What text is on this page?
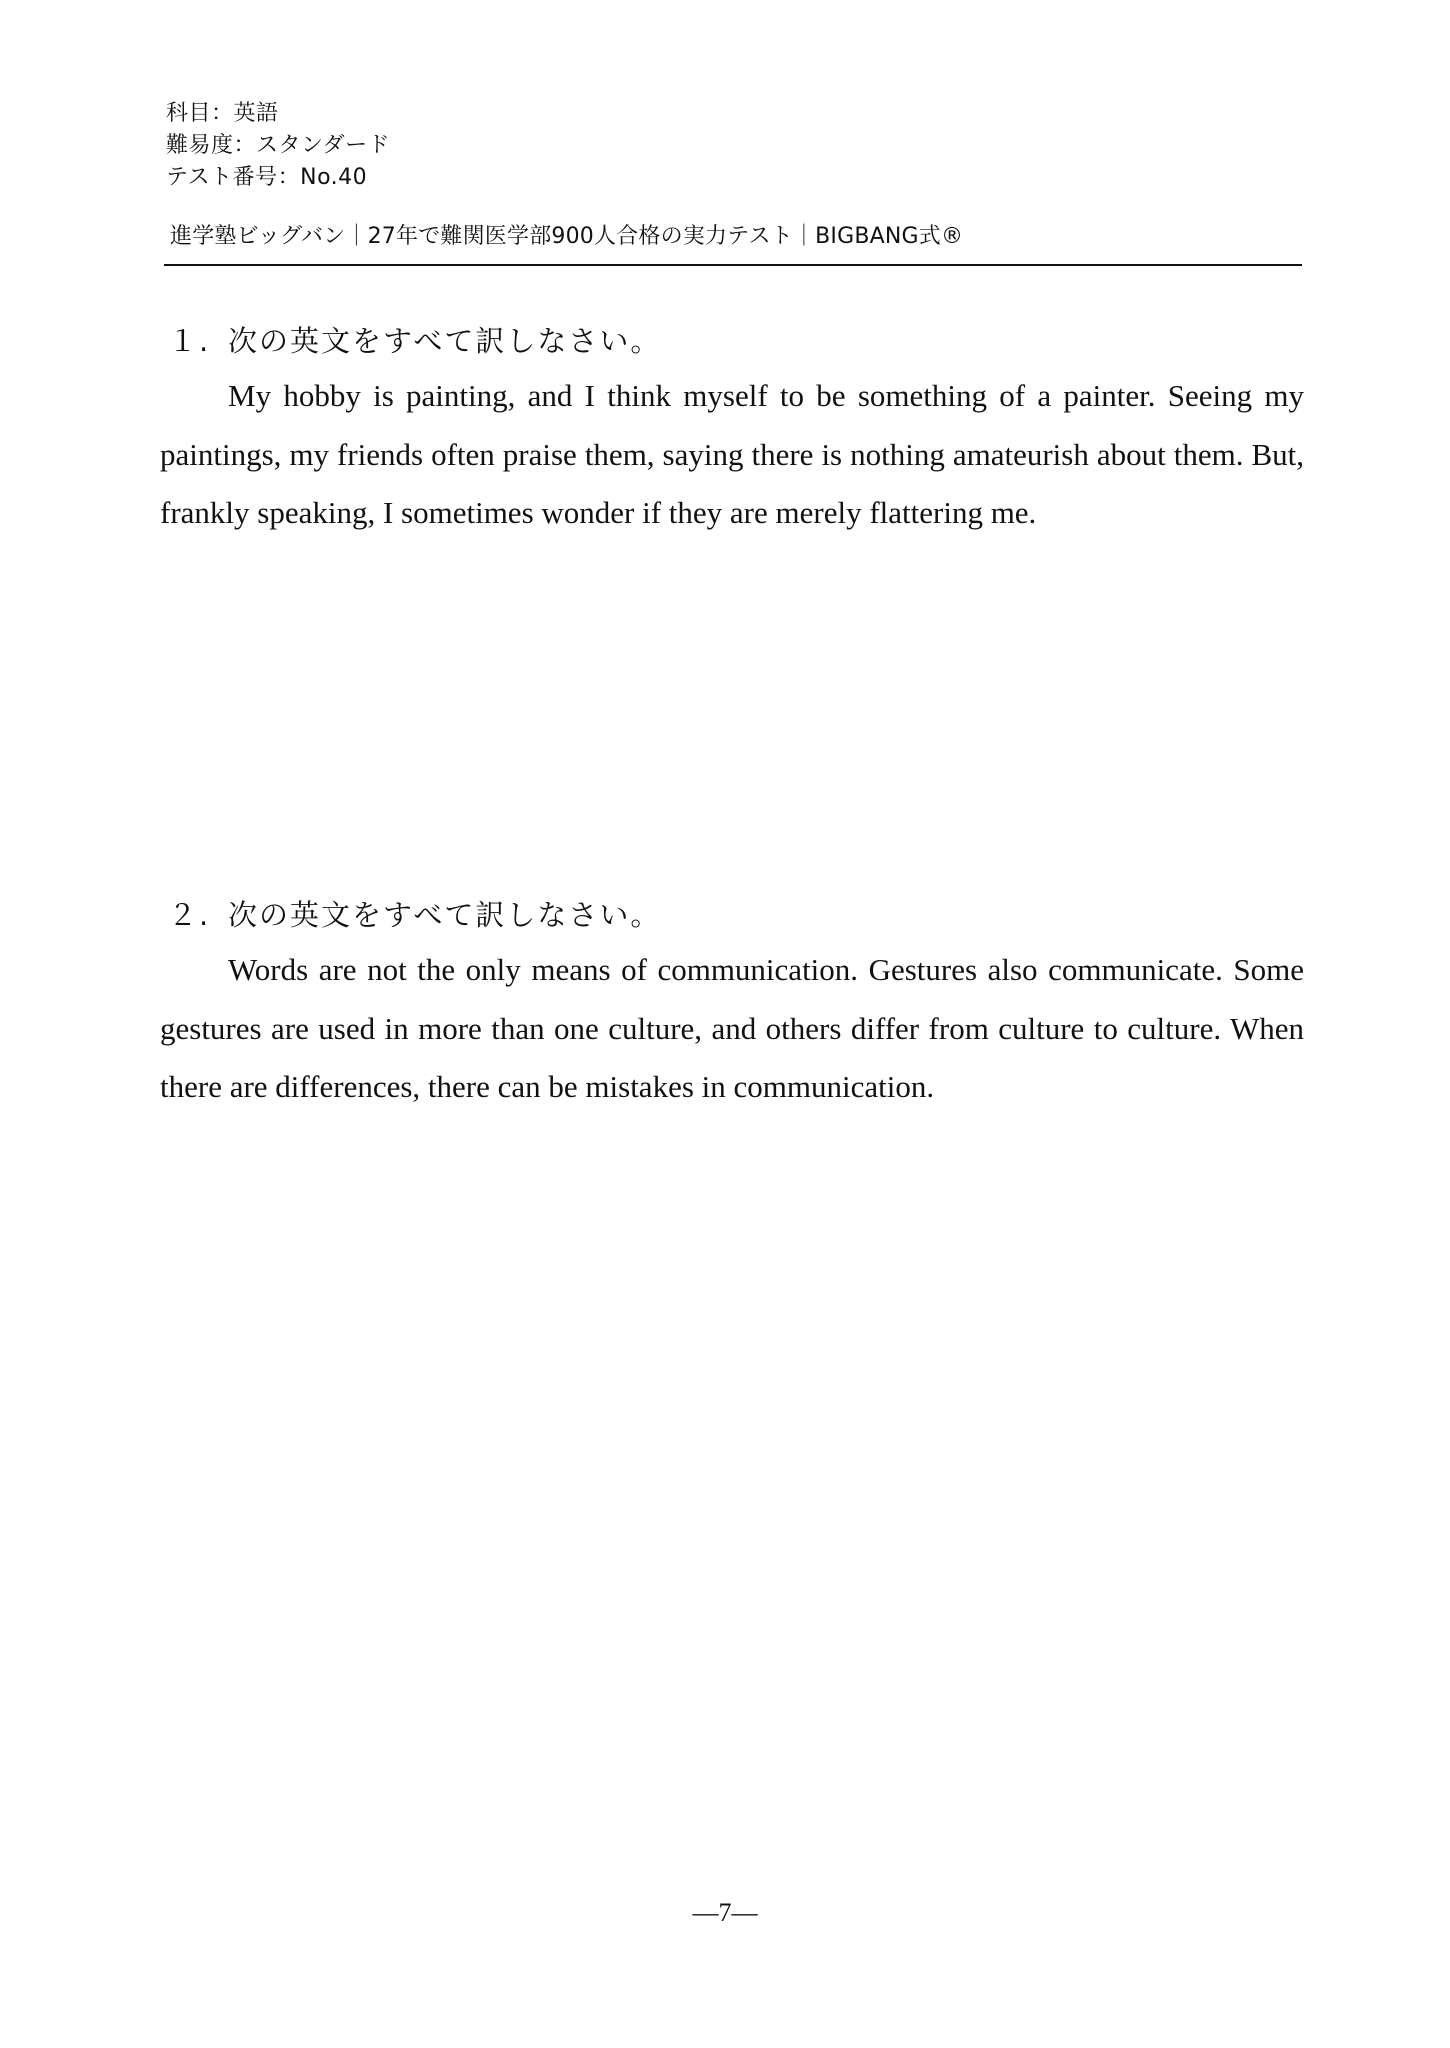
科目：英語
難易度：スタンダード
テスト番号：No.40
進学塾ビッグバン｜27年で難関医学部900人合格の実力テスト｜BIGBANG式®
１. 次の英文をすべて訳しなさい。
My hobby is painting, and I think myself to be something of a painter. Seeing my paintings, my friends often praise them, saying there is nothing amateurish about them. But, frankly speaking, I sometimes wonder if they are merely flattering me.
２. 次の英文をすべて訳しなさい。
Words are not the only means of communication. Gestures also communicate. Some gestures are used in more than one culture, and others differ from culture to culture. When there are differences, there can be mistakes in communication.
—7—
